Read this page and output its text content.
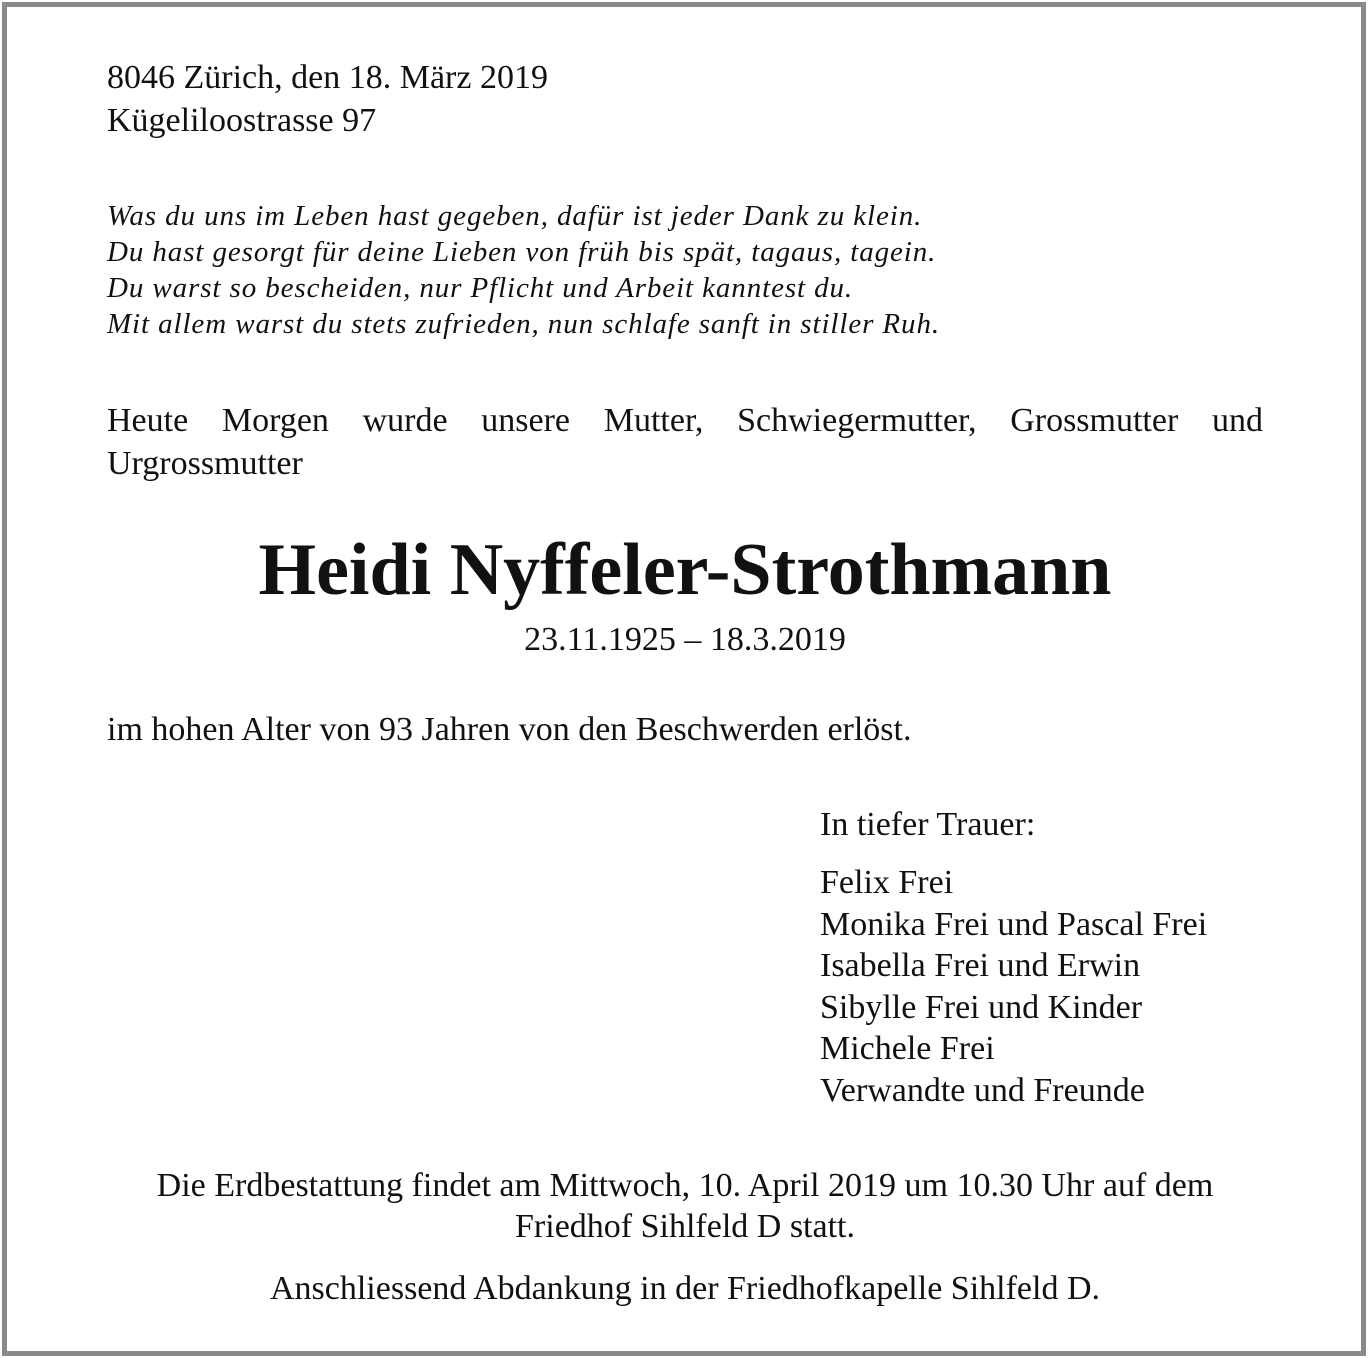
8046 Zürich, den 18. März 2019
Kügeliloostrasse 97
Was du uns im Leben hast gegeben, dafür ist jeder Dank zu klein.
Du hast gesorgt für deine Lieben von früh bis spät, tagaus, tagein.
Du warst so bescheiden, nur Pflicht und Arbeit kanntest du.
Mit allem warst du stets zufrieden, nun schlafe sanft in stiller Ruh.

Heute Morgen wurde unsere Mutter, Schwiegermutter, Grossmutter und Urgrossmutter

Heidi Nyffeler-Strothmann
23.11.1925 – 18.3.2019
im hohen Alter von 93 Jahren von den Beschwerden erlöst.
In tiefer Trauer:
Felix Frei
Monika Frei und Pascal Frei
Isabella Frei und Erwin
Sibylle Frei und Kinder
Michele Frei
Verwandte und Freunde

Die Erdbestattung findet am Mittwoch, 10. April 2019 um 10.30 Uhr auf dem Friedhof Sihlfeld D statt.

Anschliessend Abdankung in der Friedhofkapelle Sihlfeld D.
